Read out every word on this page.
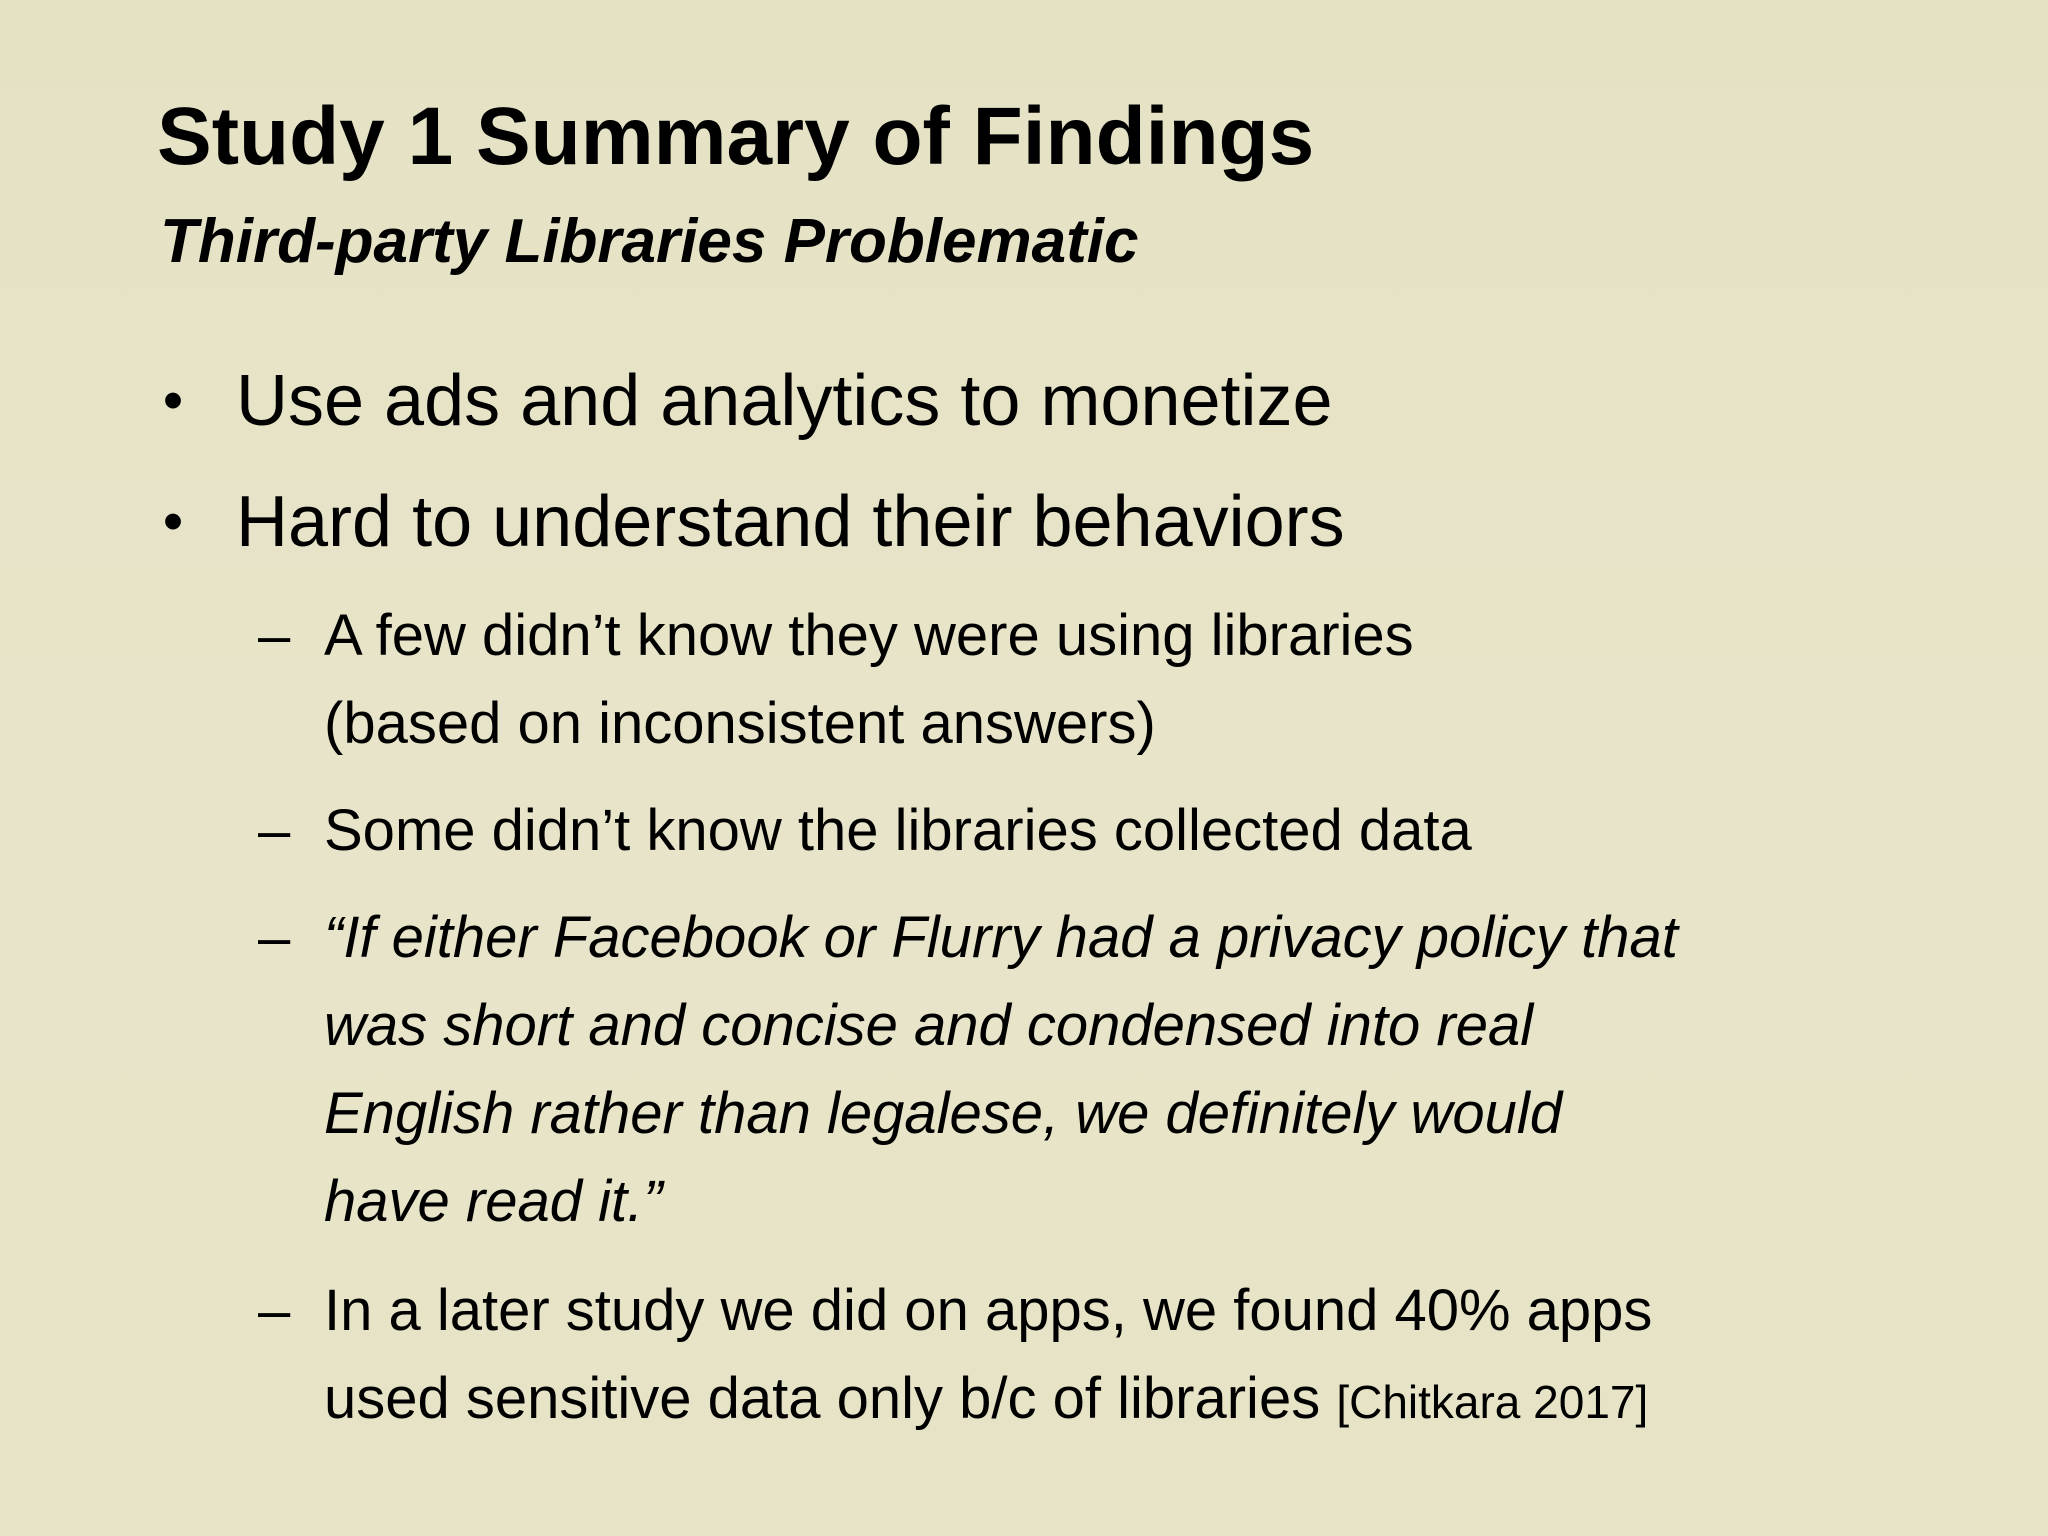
Study 1 Summary of Findings
Third-party Libraries Problematic
• Use ads and analytics to monetize
• Hard to understand their behaviors
– A few didn’t know they were using libraries
(based on inconsistent answers)
– Some didn’t know the libraries collected data
– “If either Facebook or Flurry had a privacy policy that
was short and concise and condensed into real
English rather than legalese, we definitely would
have read it.”
– In a later study we did on apps, we found 40% apps
used sensitive data only b/c of libraries [Chitkara 2017]
